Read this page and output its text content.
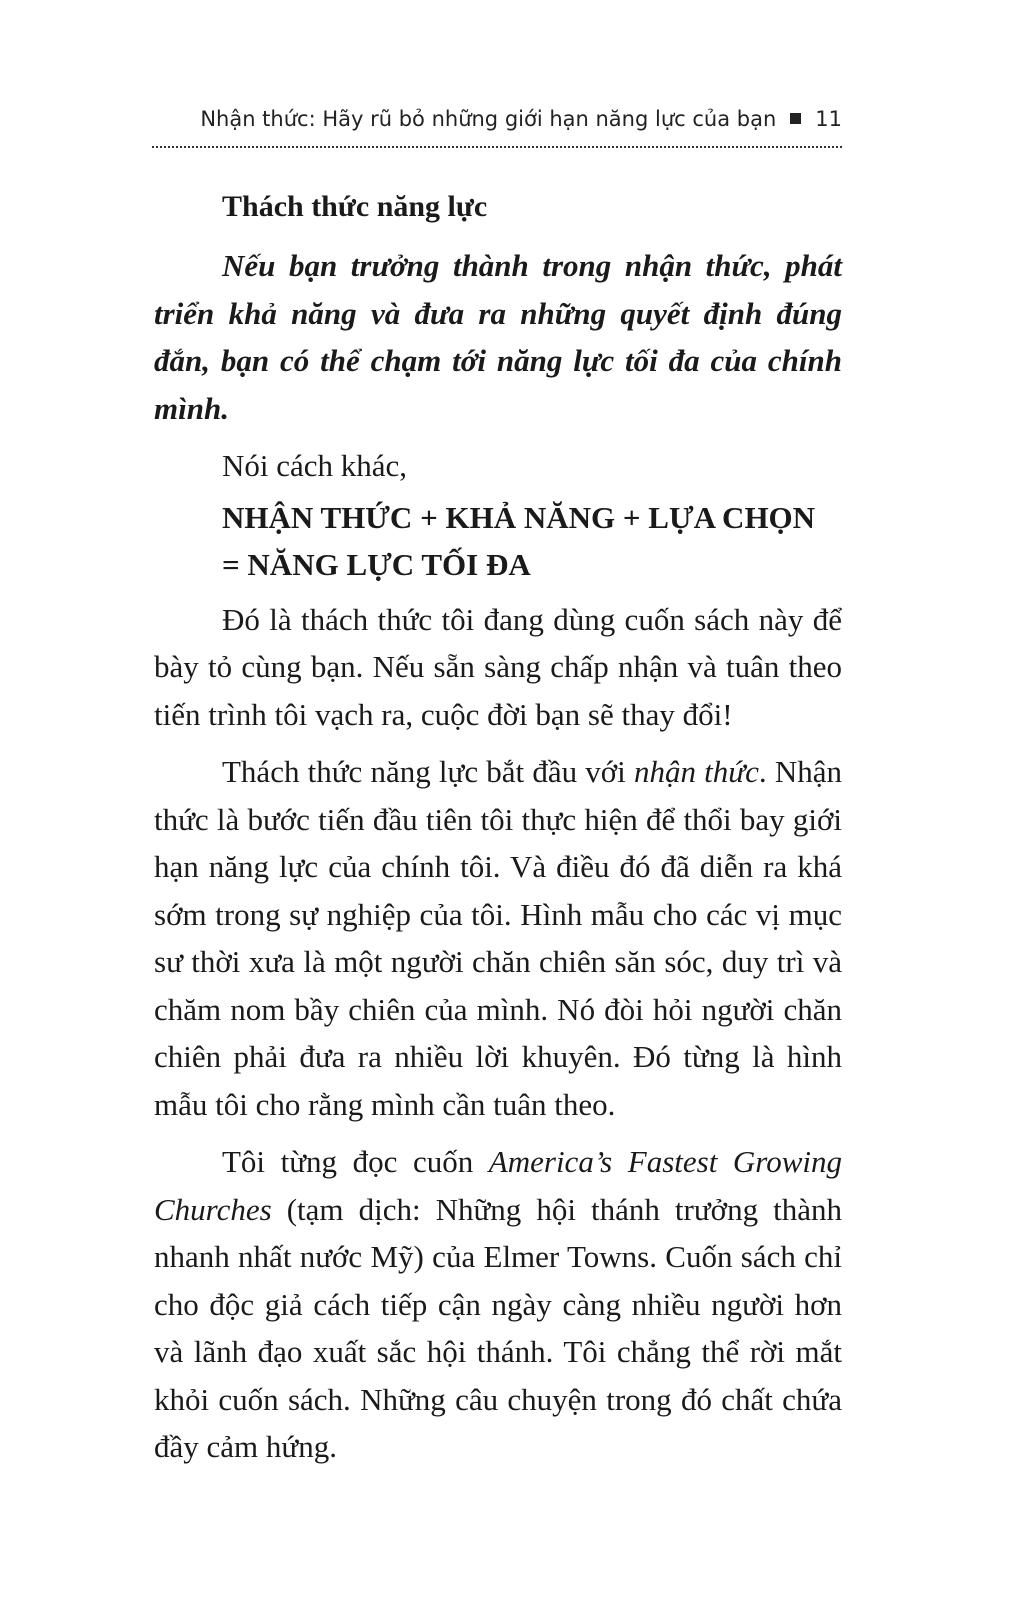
Nhận thức: Hãy rũ bỏ những giới hạn năng lực của bạn 11

Thách thức năng lực

Nếu bạn trưởng thành trong nhận thức, phát triển khả năng và đưa ra những quyết định đúng đắn, bạn có thể chạm tới năng lực tối đa của chính mình.

Nói cách khác,

NHẬN THỨC + KHẢ NĂNG + LỰA CHỌN
= NĂNG LỰC TỐI ĐA

Đó là thách thức tôi đang dùng cuốn sách này để bày tỏ cùng bạn. Nếu sẵn sàng chấp nhận và tuân theo tiến trình tôi vạch ra, cuộc đời bạn sẽ thay đổi!

Thách thức năng lực bắt đầu với nhận thức. Nhận thức là bước tiến đầu tiên tôi thực hiện để thổi bay giới hạn năng lực của chính tôi. Và điều đó đã diễn ra khá sớm trong sự nghiệp của tôi. Hình mẫu cho các vị mục sư thời xưa là một người chăn chiên săn sóc, duy trì và chăm nom bầy chiên của mình. Nó đòi hỏi người chăn chiên phải đưa ra nhiều lời khuyên. Đó từng là hình mẫu tôi cho rằng mình cần tuân theo.

Tôi từng đọc cuốn America’s Fastest Growing Churches (tạm dịch: Những hội thánh trưởng thành nhanh nhất nước Mỹ) của Elmer Towns. Cuốn sách chỉ cho độc giả cách tiếp cận ngày càng nhiều người hơn và lãnh đạo xuất sắc hội thánh. Tôi chẳng thể rời mắt khỏi cuốn sách. Những câu chuyện trong đó chất chứa đầy cảm hứng.
